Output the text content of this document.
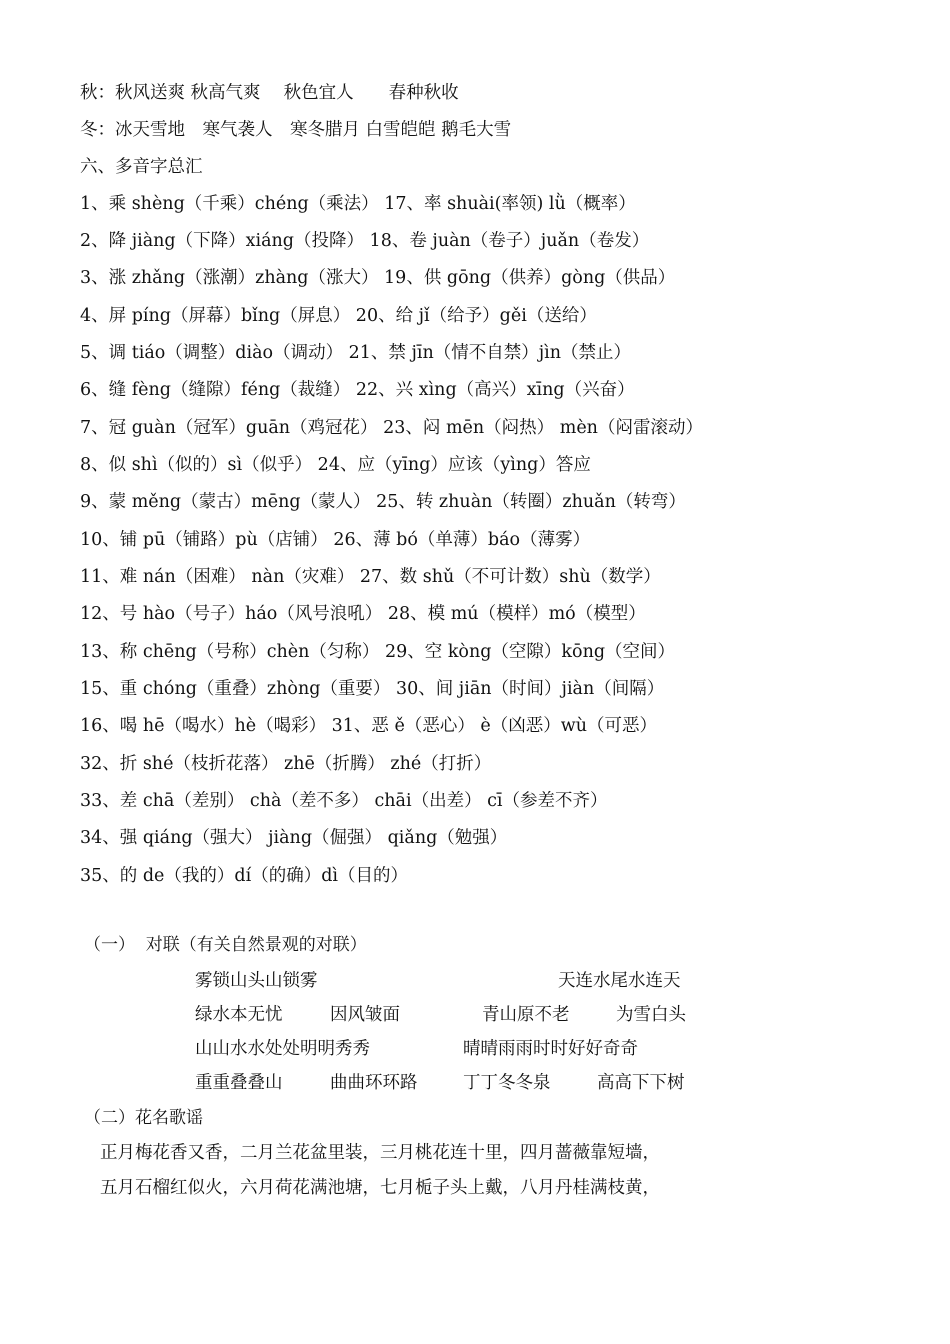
秋：秋风送爽 秋高气爽　 秋色宜人　　春种秋收
冬：冰天雪地　寒气袭人　寒冬腊月 白雪皑皑 鹅毛大雪
六、多音字总汇
1、乘 shèng（千乘）chéng（乘法） 17、率 shuài(率领) lǜ（概率）
2、降 jiàng（下降）xiáng（投降） 18、卷 juàn（卷子）juǎn（卷发）
3、涨 zhǎng（涨潮）zhàng（涨大） 19、供 gōng（供养）gòng（供品）
4、屏 píng（屏幕）bǐng（屏息） 20、给 jǐ（给予）gěi（送给）
5、调 tiáo（调整）diào（调动） 21、禁 jīn（情不自禁）jìn（禁止）
6、缝 fèng（缝隙）féng（裁缝） 22、兴 xìng（高兴）xīng（兴奋）
7、冠 guàn（冠军）guān（鸡冠花） 23、闷 mēn（闷热） mèn（闷雷滚动）
8、似 shì（似的）sì（似乎） 24、应（yīng）应该（yìng）答应
9、蒙 měng（蒙古）mēng（蒙人） 25、转 zhuàn（转圈）zhuǎn（转弯）
10、铺 pū（铺路）pù（店铺） 26、薄 bó（单薄）báo（薄雾）
11、难 nán（困难） nàn（灾难） 27、数 shǔ（不可计数）shù（数学）
12、号 hào（号子）háo（风号浪吼） 28、模 mú（模样）mó（模型）
13、称 chēng（号称）chèn（匀称） 29、空 kòng（空隙）kōng（空间）
15、重 chóng（重叠）zhòng（重要） 30、间 jiān（时间）jiàn（间隔）
16、喝 hē（喝水）hè（喝彩） 31、恶 ě（恶心） è（凶恶）wù（可恶）
32、折 shé（枝折花落） zhē（折腾） zhé（打折）
33、差 chā（差别） chà（差不多） chāi（出差） cī（参差不齐）
34、强 qiáng（强大） jiàng（倔强） qiǎng（勉强）
35、的 de（我的）dí（的确）dì（目的）
（一）  对联（有关自然景观的对联）
雾锁山头山锁雾	天连水尾水连天
绿水本无忧	因风皱面	青山原不老	为雪白头
山山水水处处明明秀秀	晴晴雨雨时时好好奇奇
重重叠叠山	曲曲环环路	丁丁冬冬泉	高高下下树
（二）花名歌谣
正月梅花香又香，二月兰花盆里装，三月桃花连十里，四月蔷薇靠短墙，
五月石榴红似火，六月荷花满池塘，七月栀子头上戴，八月丹桂满枝黄，
